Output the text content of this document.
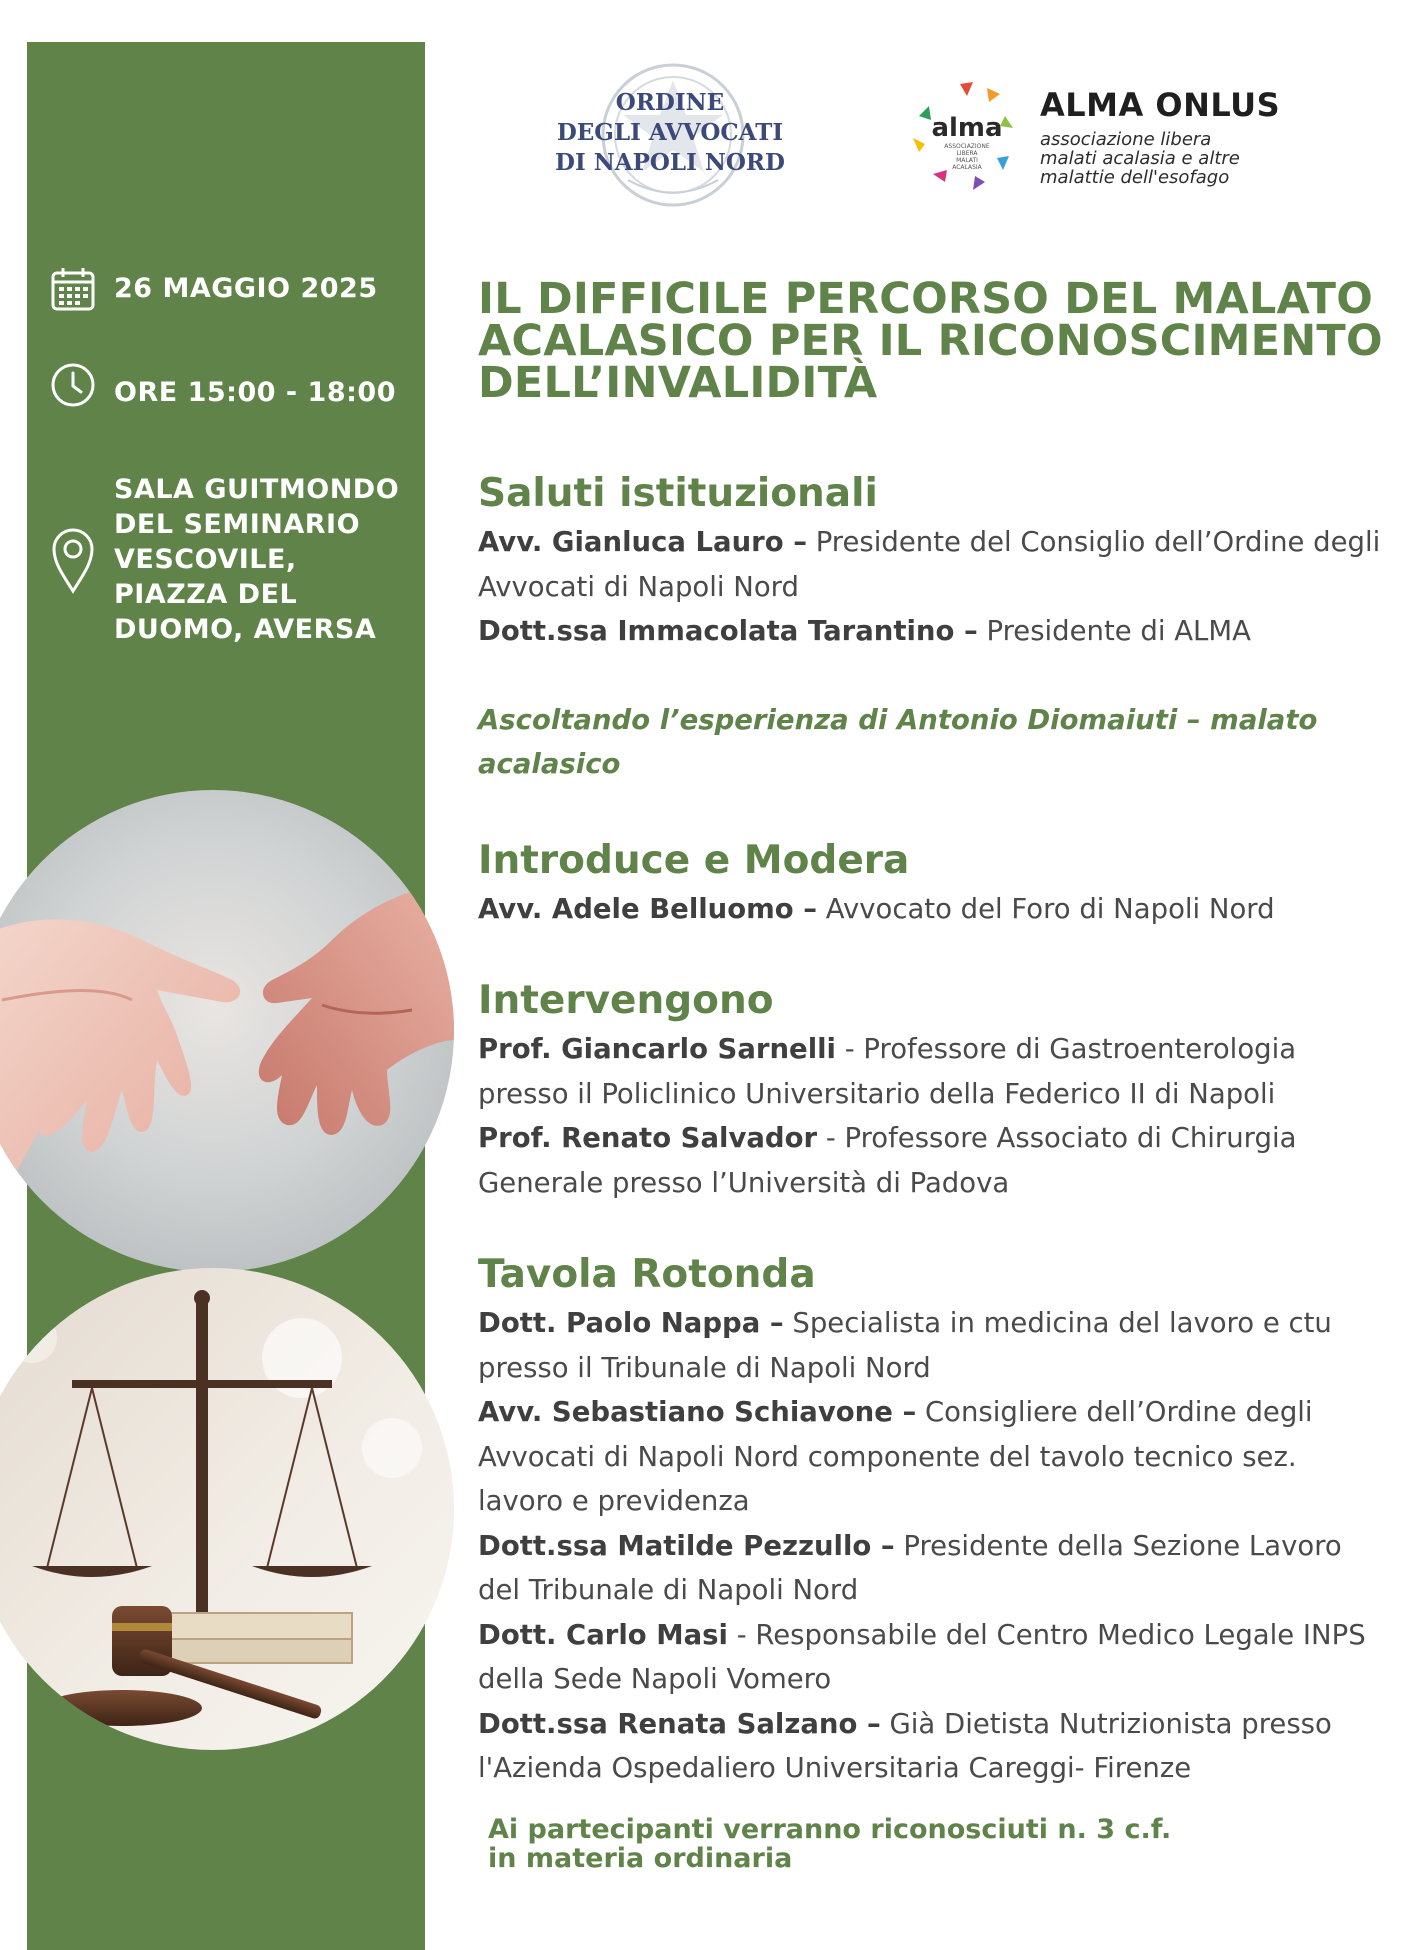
26 MAGGIO 2025
ORE 15:00 - 18:00
SALA GUITMONDO
DEL SEMINARIO
VESCOVILE,
PIAZZA DEL
DUOMO, AVERSA
ORDINE
DEGLI AVVOCATI
DI NAPOLI NORD
alma
ASSOCIAZIONE
LIBERA
MALATI
ACALASIA
ALMA ONLUS
associazione libera
malati acalasia e altre
malattie dell'esofago
IL DIFFICILE PERCORSO DEL MALATO
ACALASICO PER IL RICONOSCIMENTO
DELL’INVALIDITÀ
Saluti istituzionali
Avv. Gianluca Lauro – Presidente del Consiglio dell’Ordine degli Avvocati di Napoli Nord
Dott.ssa Immacolata Tarantino – Presidente di ALMA
Ascoltando l’esperienza di Antonio Diomaiuti – malato acalasico
Introduce e Modera
Avv. Adele Belluomo – Avvocato del Foro di Napoli Nord
Intervengono
Prof. Giancarlo Sarnelli - Professore di Gastroenterologia presso il Policlinico Universitario della Federico II di Napoli
Prof. Renato Salvador - Professore Associato di Chirurgia Generale presso l’Università di Padova
Tavola Rotonda
Dott. Paolo Nappa – Specialista in medicina del lavoro e ctu presso il Tribunale di Napoli Nord
Avv. Sebastiano Schiavone – Consigliere dell’Ordine degli Avvocati di Napoli Nord componente del tavolo tecnico sez. lavoro e previdenza
Dott.ssa Matilde Pezzullo – Presidente della Sezione Lavoro del Tribunale di Napoli Nord
Dott. Carlo Masi - Responsabile del Centro Medico Legale INPS della Sede Napoli Vomero
Dott.ssa Renata Salzano – Già Dietista Nutrizionista presso l'Azienda Ospedaliero Universitaria Careggi- Firenze
Ai partecipanti verranno riconosciuti n. 3 c.f.
in materia ordinaria
